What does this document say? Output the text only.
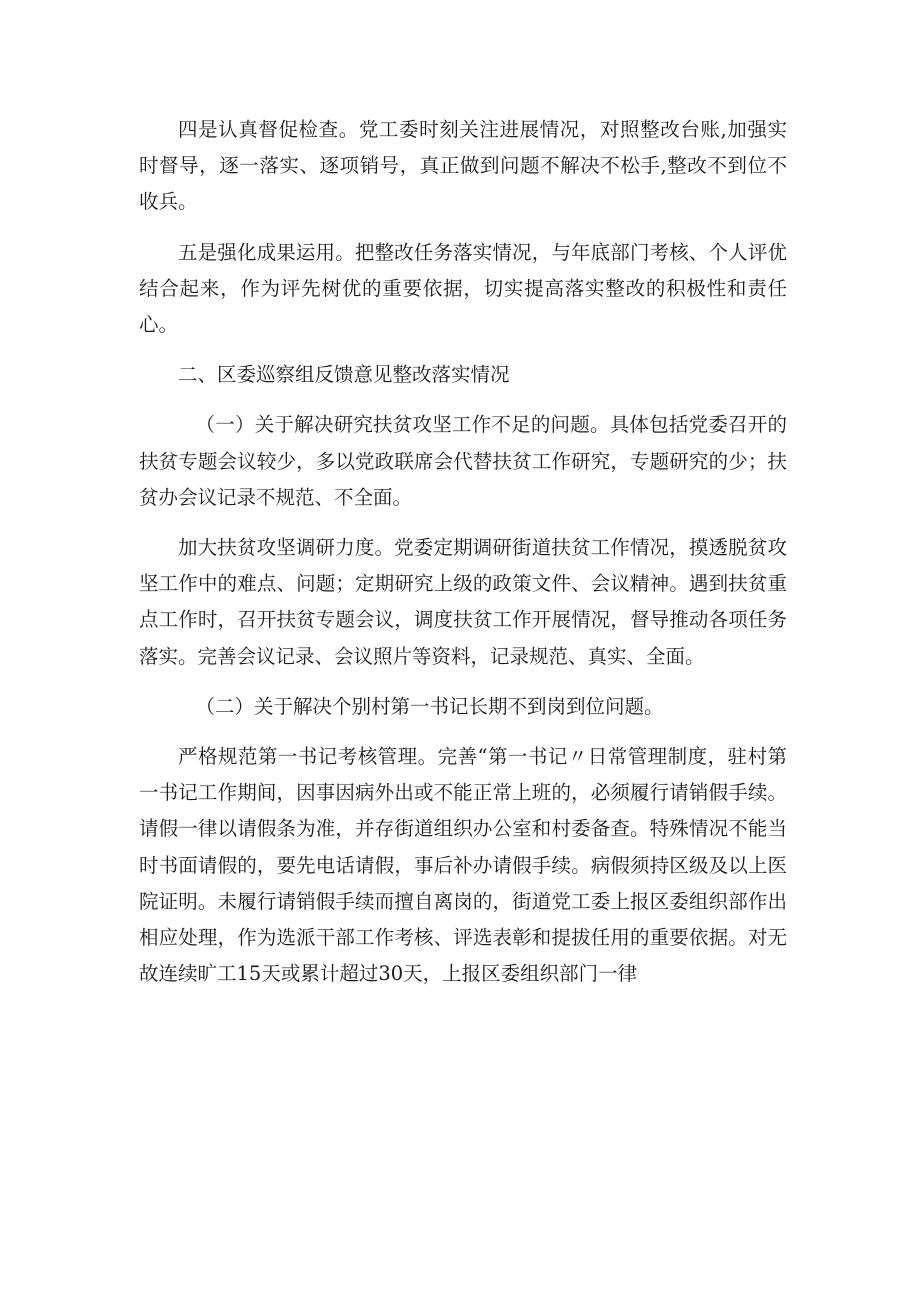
四是认真督促检查。党工委时刻关注进展情况，对照整改台账,加强实时督导，逐一落实、逐项销号，真正做到问题不解决不松手,整改不到位不收兵。

五是强化成果运用。把整改任务落实情况，与年底部门考核、个人评优结合起来，作为评先树优的重要依据，切实提高落实整改的积极性和责任心。

二、区委巡察组反馈意见整改落实情况

（一）关于解决研究扶贫攻坚工作不足的问题。具体包括党委召开的扶贫专题会议较少，多以党政联席会代替扶贫工作研究，专题研究的少；扶贫办会议记录不规范、不全面。

加大扶贫攻坚调研力度。党委定期调研街道扶贫工作情况，摸透脱贫攻坚工作中的难点、问题；定期研究上级的政策文件、会议精神。遇到扶贫重点工作时，召开扶贫专题会议，调度扶贫工作开展情况，督导推动各项任务落实。完善会议记录、会议照片等资料，记录规范、真实、全面。

（二）关于解决个别村第一书记长期不到岗到位问题。

严格规范第一书记考核管理。完善“第一书记〃日常管理制度，驻村第一书记工作期间，因事因病外出或不能正常上班的，必须履行请销假手续。请假一律以请假条为准，并存街道组织办公室和村委备查。特殊情况不能当时书面请假的，要先电话请假，事后补办请假手续。病假须持区级及以上医院证明。未履行请销假手续而擅自离岗的，街道党工委上报区委组织部作出相应处理，作为选派干部工作考核、评选表彰和提拔任用的重要依据。对无故连续旷工15天或累计超过30天，上报区委组织部门一律
